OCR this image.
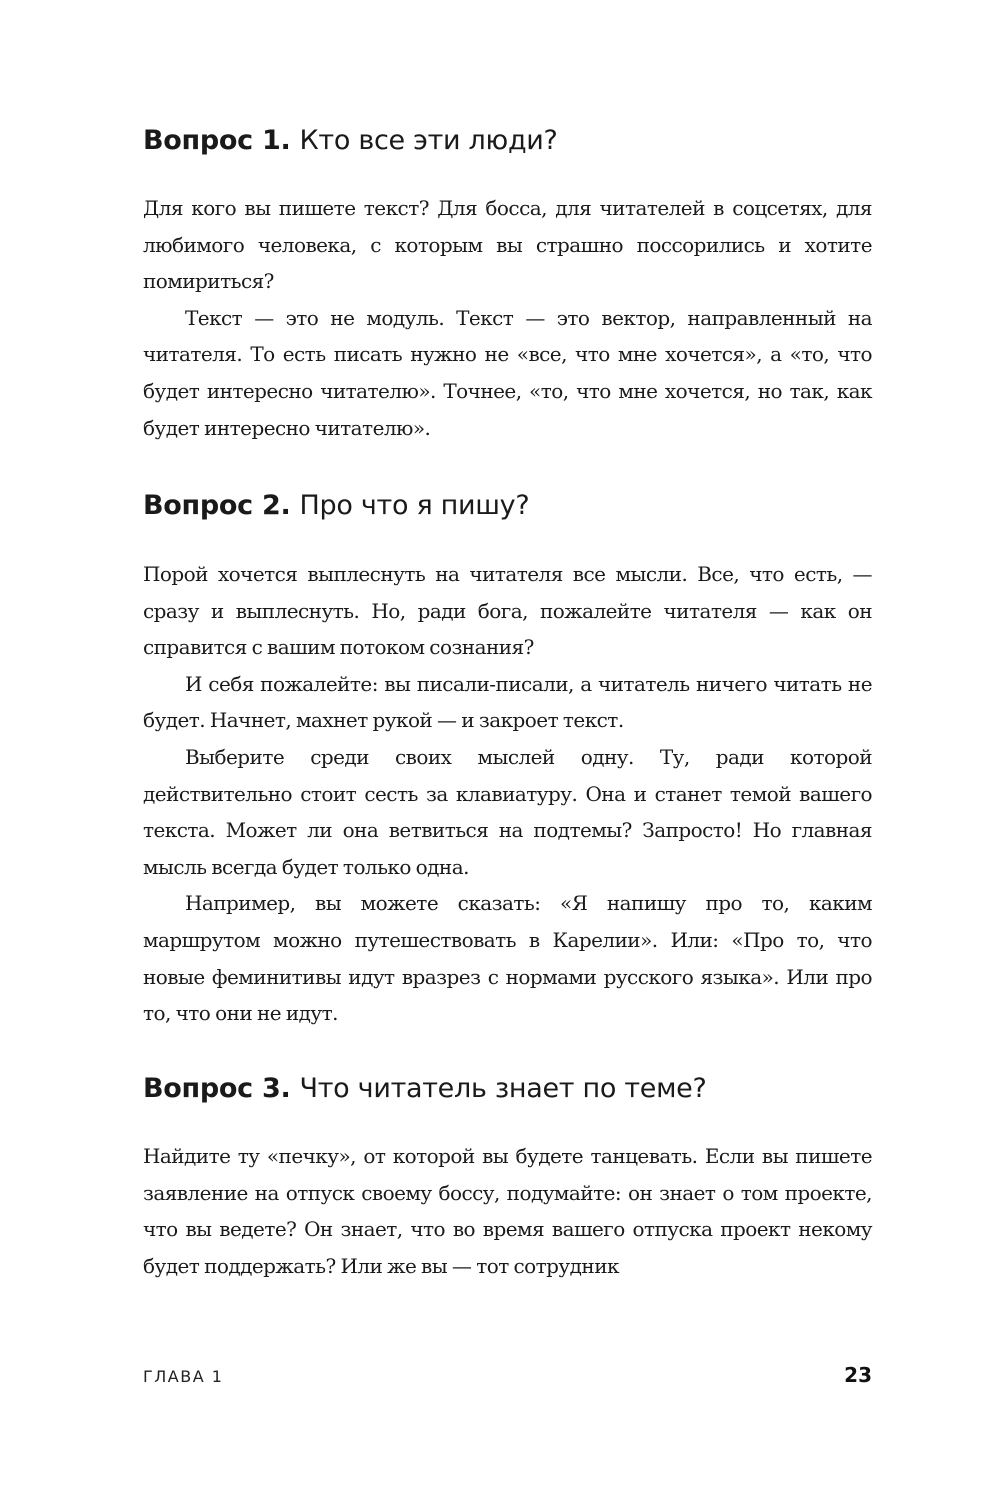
Вопрос 1. Кто все эти люди?

Для кого вы пишете текст? Для босса, для читателей в соцсетях, для любимого человека, с которым вы страшно поссорились и хотите помириться?

Текст — это не модуль. Текст — это вектор, направленный на читателя. То есть писать нужно не «все, что мне хочется», а «то, что будет интересно читателю». Точнее, «то, что мне хочется, но так, как будет интересно читателю».

Вопрос 2. Про что я пишу?

Порой хочется выплеснуть на читателя все мысли. Все, что есть, — сразу и выплеснуть. Но, ради бога, пожалейте читателя — как он справится с вашим потоком сознания?

И себя пожалейте: вы писали-писали, а читатель ничего читать не будет. Начнет, махнет рукой — и закроет текст.

Выберите среди своих мыслей одну. Ту, ради которой действительно стоит сесть за клавиатуру. Она и станет темой вашего текста. Может ли она ветвиться на подтемы? Запросто! Но главная мысль всегда будет только одна.

Например, вы можете сказать: «Я напишу про то, каким маршрутом можно путешествовать в Карелии». Или: «Про то, что новые феминитивы идут вразрез с нормами русского языка». Или про то, что они не идут.

Вопрос 3. Что читатель знает по теме?

Найдите ту «печку», от которой вы будете танцевать. Если вы пишете заявление на отпуск своему боссу, подумайте: он знает о том проекте, что вы ведете? Он знает, что во время вашего отпуска проект некому будет поддержать? Или же вы — тот сотрудник

ГЛАВА 1	23
